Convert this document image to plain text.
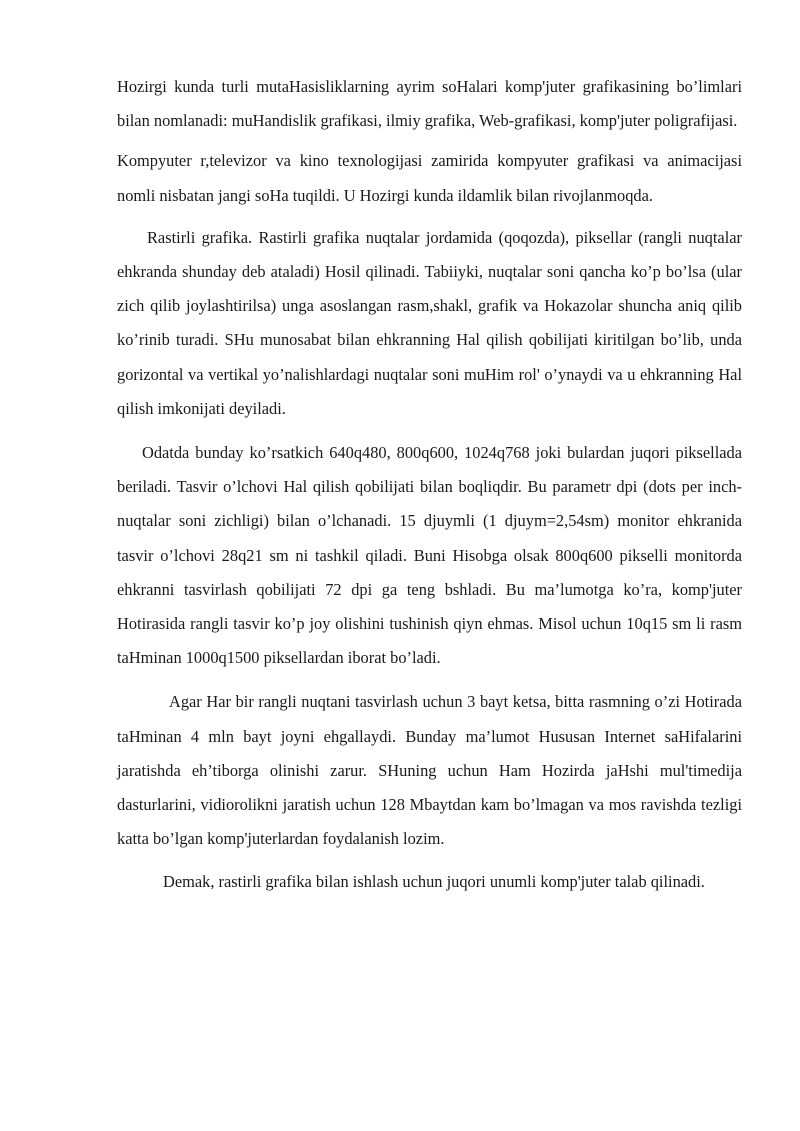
Hozirgi kunda turli mutaHasisliklarning ayrim soHalari komp'juter grafikasining bo’limlari bilan nomlanadi: muHandislik grafikasi, ilmiy grafika, Web-grafikasi, komp'juter poligrafijasi.

Kompyuter r,televizor va kino texnologijasi zamirida kompyuter grafikasi va animacijasi nomli nisbatan jangi soHa tuqildi. U Hozirgi kunda ildamlik bilan rivojlanmoqda.

Rastirli grafika. Rastirli grafika nuqtalar jordamida (qoqozda), piksellar (rangli nuqtalar ehkranda shunday deb ataladi) Hosil qilinadi. Tabiiyki, nuqtalar soni qancha ko’p bo’lsa (ular zich qilib joylashtirilsa) unga asoslangan rasm,shakl, grafik va Hokazolar shuncha aniq qilib ko’rinib turadi. SHu munosabat bilan ehkranning Hal qilish qobilijati kiritilgan bo’lib, unda gorizontal va vertikal yo’nalishlardagi nuqtalar soni muHim rol' o’ynaydi va u ehkranning Hal qilish imkonijati deyiladi.

Odatda bunday ko’rsatkich 640q480, 800q600, 1024q768 joki bulardan juqori piksellada beriladi. Tasvir o’lchovi Hal qilish qobilijati bilan boqliqdir. Bu parametr dpi (dots per inch-nuqtalar soni zichligi) bilan o’lchanadi. 15 djuymli (1 djuym=2,54sm) monitor ehkranida tasvir o’lchovi 28q21 sm ni tashkil qiladi. Buni Hisobga olsak 800q600 pikselli monitorda ehkranni tasvirlash qobilijati 72 dpi ga teng bshladi. Bu ma’lumotga ko’ra, komp'juter Hotirasida rangli tasvir ko’p joy olishini tushinish qiyn ehmas. Misol uchun 10q15 sm li rasm taHminan 1000q1500 piksellardan iborat bo’ladi.

Agar Har bir rangli nuqtani tasvirlash uchun 3 bayt ketsa, bitta rasmning o’zi Hotirada taHminan 4 mln bayt joyni ehgallaydi. Bunday ma’lumot Hususan Internet saHifalarini jaratishda eh’tiborga olinishi zarur. SHuning uchun Ham Hozirda jaHshi mul'timedija dasturlarini, vidiorolikni jaratish uchun 128 Mbaytdan kam bo’lmagan va mos ravishda tezligi katta bo’lgan komp'juterlardan foydalanish lozim.

Demak, rastirli grafika bilan ishlash uchun juqori unumli komp'juter talab qilinadi.
